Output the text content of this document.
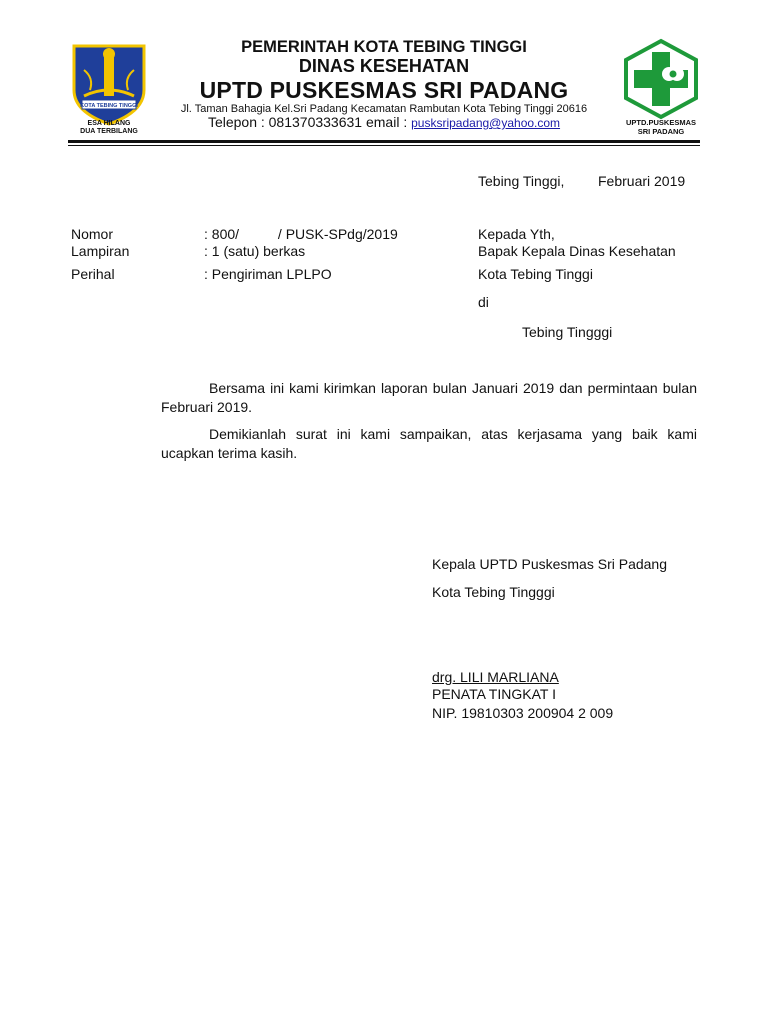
KOTA TEBING TINGGI
ESA HILANG
DUA TERBILANG
UPTD.PUSKESMAS
SRI PADANG
PEMERINTAH KOTA TEBING TINGGI
DINAS KESEHATAN
UPTD PUSKESMAS SRI PADANG
Jl. Taman Bahagia Kel.Sri Padang Kecamatan Rambutan Kota Tebing Tinggi 20616
Telepon : 081370333631 email : pusksripadang@yahoo.com
Tebing Tinggi, Februari 2019
Nomor	: 800/          / PUSK-SPdg/2019
Lampiran	: 1 (satu) berkas
Perihal	: Pengiriman LPLPO
Kepada Yth,
Bapak Kepala Dinas Kesehatan
Kota Tebing Tinggi
di
Tebing Tingggi
Bersama ini kami kirimkan laporan bulan Januari 2019 dan permintaan bulan Februari 2019.
Demikianlah surat ini kami sampaikan, atas kerjasama yang baik kami ucapkan terima kasih.
Kepala UPTD Puskesmas Sri Padang
Kota Tebing Tingggi
drg. LILI MARLIANA
PENATA TINGKAT I
NIP. 19810303 200904 2 009
